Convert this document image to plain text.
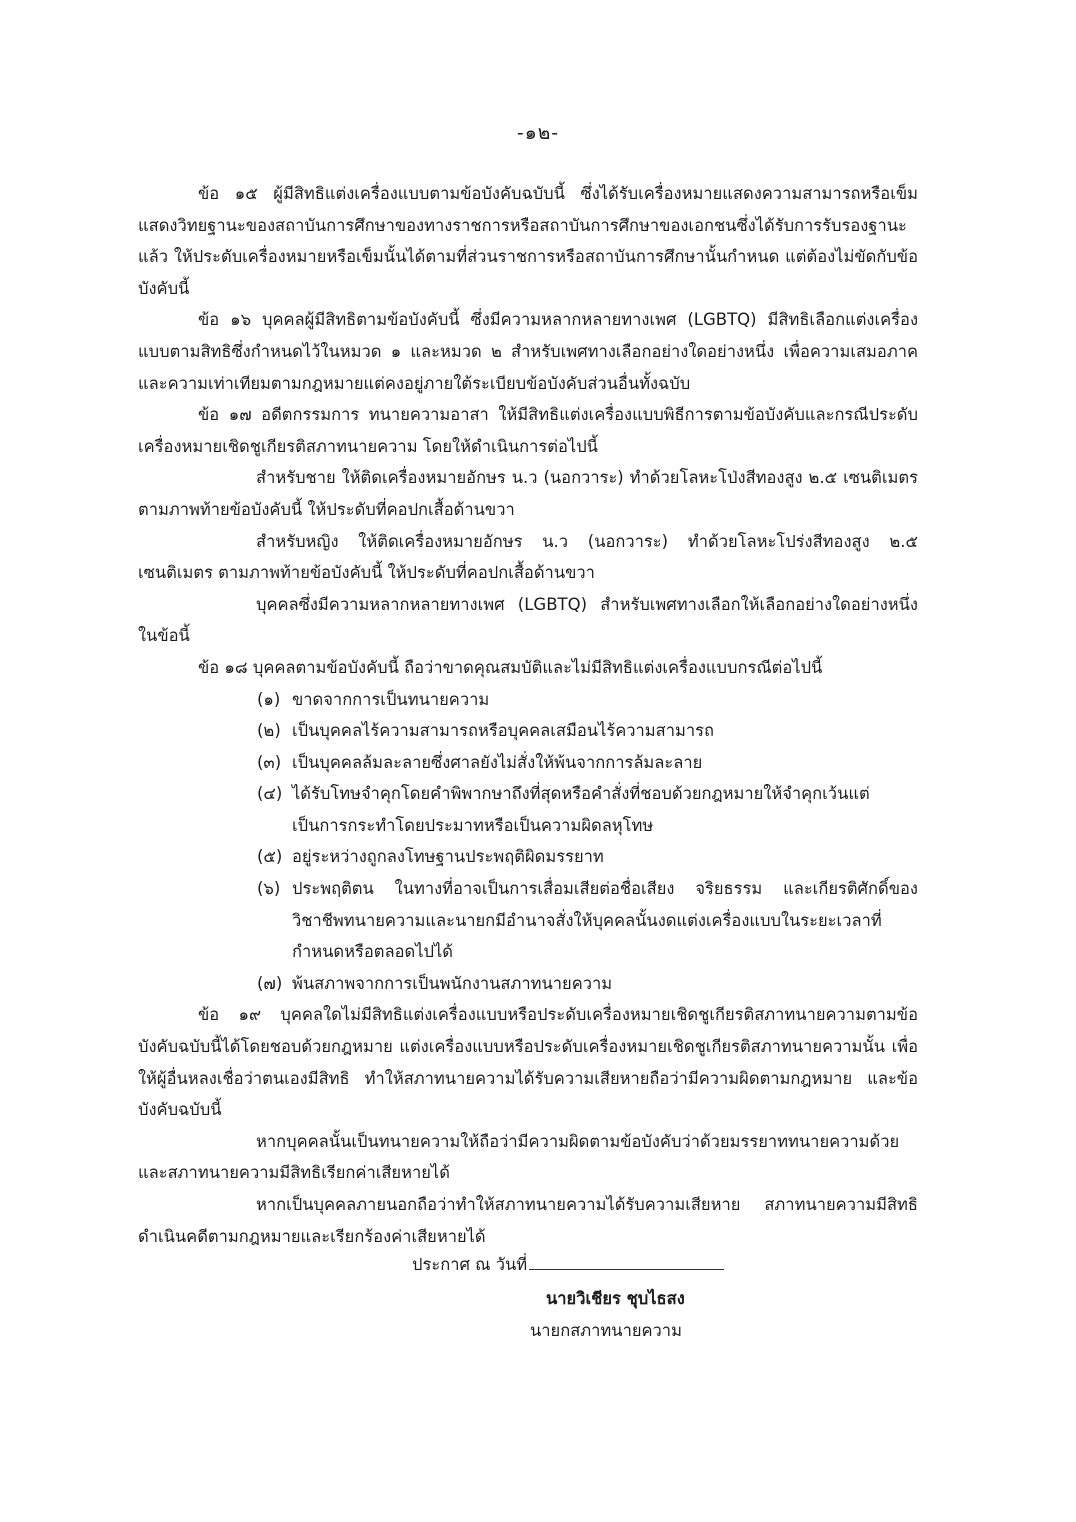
-๑๒-

ข้อ ๑๕ ผู้มีสิทธิแต่งเครื่องแบบตามข้อบังคับฉบับนี้ ซึ่งได้รับเครื่องหมายแสดงความสามารถหรือเข็มแสดงวิทยฐานะของสถาบันการศึกษาของทางราชการหรือสถาบันการศึกษาของเอกชนซึ่งได้รับการรับรองฐานะแล้ว ให้ประดับเครื่องหมายหรือเข็มนั้นได้ตามที่ส่วนราชการหรือสถาบันการศึกษานั้นกำหนด แต่ต้องไม่ขัดกับข้อบังคับนี้

ข้อ ๑๖ บุคคลผู้มีสิทธิตามข้อบังคับนี้ ซึ่งมีความหลากหลายทางเพศ (LGBTQ) มีสิทธิเลือกแต่งเครื่องแบบตามสิทธิซึ่งกำหนดไว้ในหมวด ๑ และหมวด ๒ สำหรับเพศทางเลือกอย่างใดอย่างหนึ่ง เพื่อความเสมอภาคและความเท่าเทียมตามกฎหมายแต่คงอยู่ภายใต้ระเบียบข้อบังคับส่วนอื่นทั้งฉบับ

ข้อ ๑๗ อดีตกรรมการ ทนายความอาสา ให้มีสิทธิแต่งเครื่องแบบพิธีการตามข้อบังคับและกรณีประดับเครื่องหมายเชิดชูเกียรติสภาทนายความ โดยให้ดำเนินการต่อไปนี้

สำหรับชาย ให้ติดเครื่องหมายอักษร น.ว (นอกวาระ) ทำด้วยโลหะโป่งสีทองสูง ๒.๕ เซนติเมตร ตามภาพท้ายข้อบังคับนี้ ให้ประดับที่คอปกเสื้อด้านขวา

สำหรับหญิง ให้ติดเครื่องหมายอักษร น.ว (นอกวาระ) ทำด้วยโลหะโปร่งสีทองสูง ๒.๕ เซนติเมตร ตามภาพท้ายข้อบังคับนี้ ให้ประดับที่คอปกเสื้อด้านขวา

บุคคลซึ่งมีความหลากหลายทางเพศ (LGBTQ) สำหรับเพศทางเลือกให้เลือกอย่างใดอย่างหนึ่งในข้อนี้

ข้อ ๑๘ บุคคลตามข้อบังคับนี้ ถือว่าขาดคุณสมบัติและไม่มีสิทธิแต่งเครื่องแบบกรณีต่อไปนี้

(๑) ขาดจากการเป็นทนายความ
(๒) เป็นบุคคลไร้ความสามารถหรือบุคคลเสมือนไร้ความสามารถ
(๓) เป็นบุคคลล้มละลายซึ่งศาลยังไม่สั่งให้พ้นจากการล้มละลาย
(๔) ได้รับโทษจำคุกโดยคำพิพากษาถึงที่สุดหรือคำสั่งที่ชอบด้วยกฎหมายให้จำคุกเว้นแต่เป็นการกระทำโดยประมาทหรือเป็นความผิดลหุโทษ
(๕) อยู่ระหว่างถูกลงโทษฐานประพฤติผิดมรรยาท
(๖) ประพฤติตน ในทางที่อาจเป็นการเสื่อมเสียต่อชื่อเสียง จริยธรรม และเกียรติศักดิ์ของวิชาชีพทนายความและนายกมีอำนาจสั่งให้บุคคลนั้นงดแต่งเครื่องแบบในระยะเวลาที่กำหนดหรือตลอดไปได้
(๗) พ้นสภาพจากการเป็นพนักงานสภาทนายความ

ข้อ ๑๙ บุคคลใดไม่มีสิทธิแต่งเครื่องแบบหรือประดับเครื่องหมายเชิดชูเกียรติสภาทนายความตามข้อบังคับฉบับนี้ได้โดยชอบด้วยกฎหมาย แต่งเครื่องแบบหรือประดับเครื่องหมายเชิดชูเกียรติสภาทนายความนั้น เพื่อให้ผู้อื่นหลงเชื่อว่าตนเองมีสิทธิ ทำให้สภาทนายความได้รับความเสียหายถือว่ามีความผิดตามกฎหมาย และข้อบังคับฉบับนี้

หากบุคคลนั้นเป็นทนายความให้ถือว่ามีความผิดตามข้อบังคับว่าด้วยมรรยาททนายความด้วยและสภาทนายความมีสิทธิเรียกค่าเสียหายได้

หากเป็นบุคคลภายนอกถือว่าทำให้สภาทนายความได้รับความเสียหาย สภาทนายความมีสิทธิดำเนินคดีตามกฎหมายและเรียกร้องค่าเสียหายได้

ประกาศ ณ วันที่
นายวิเชียร ชุบไธสง
นายกสภาทนายความ
